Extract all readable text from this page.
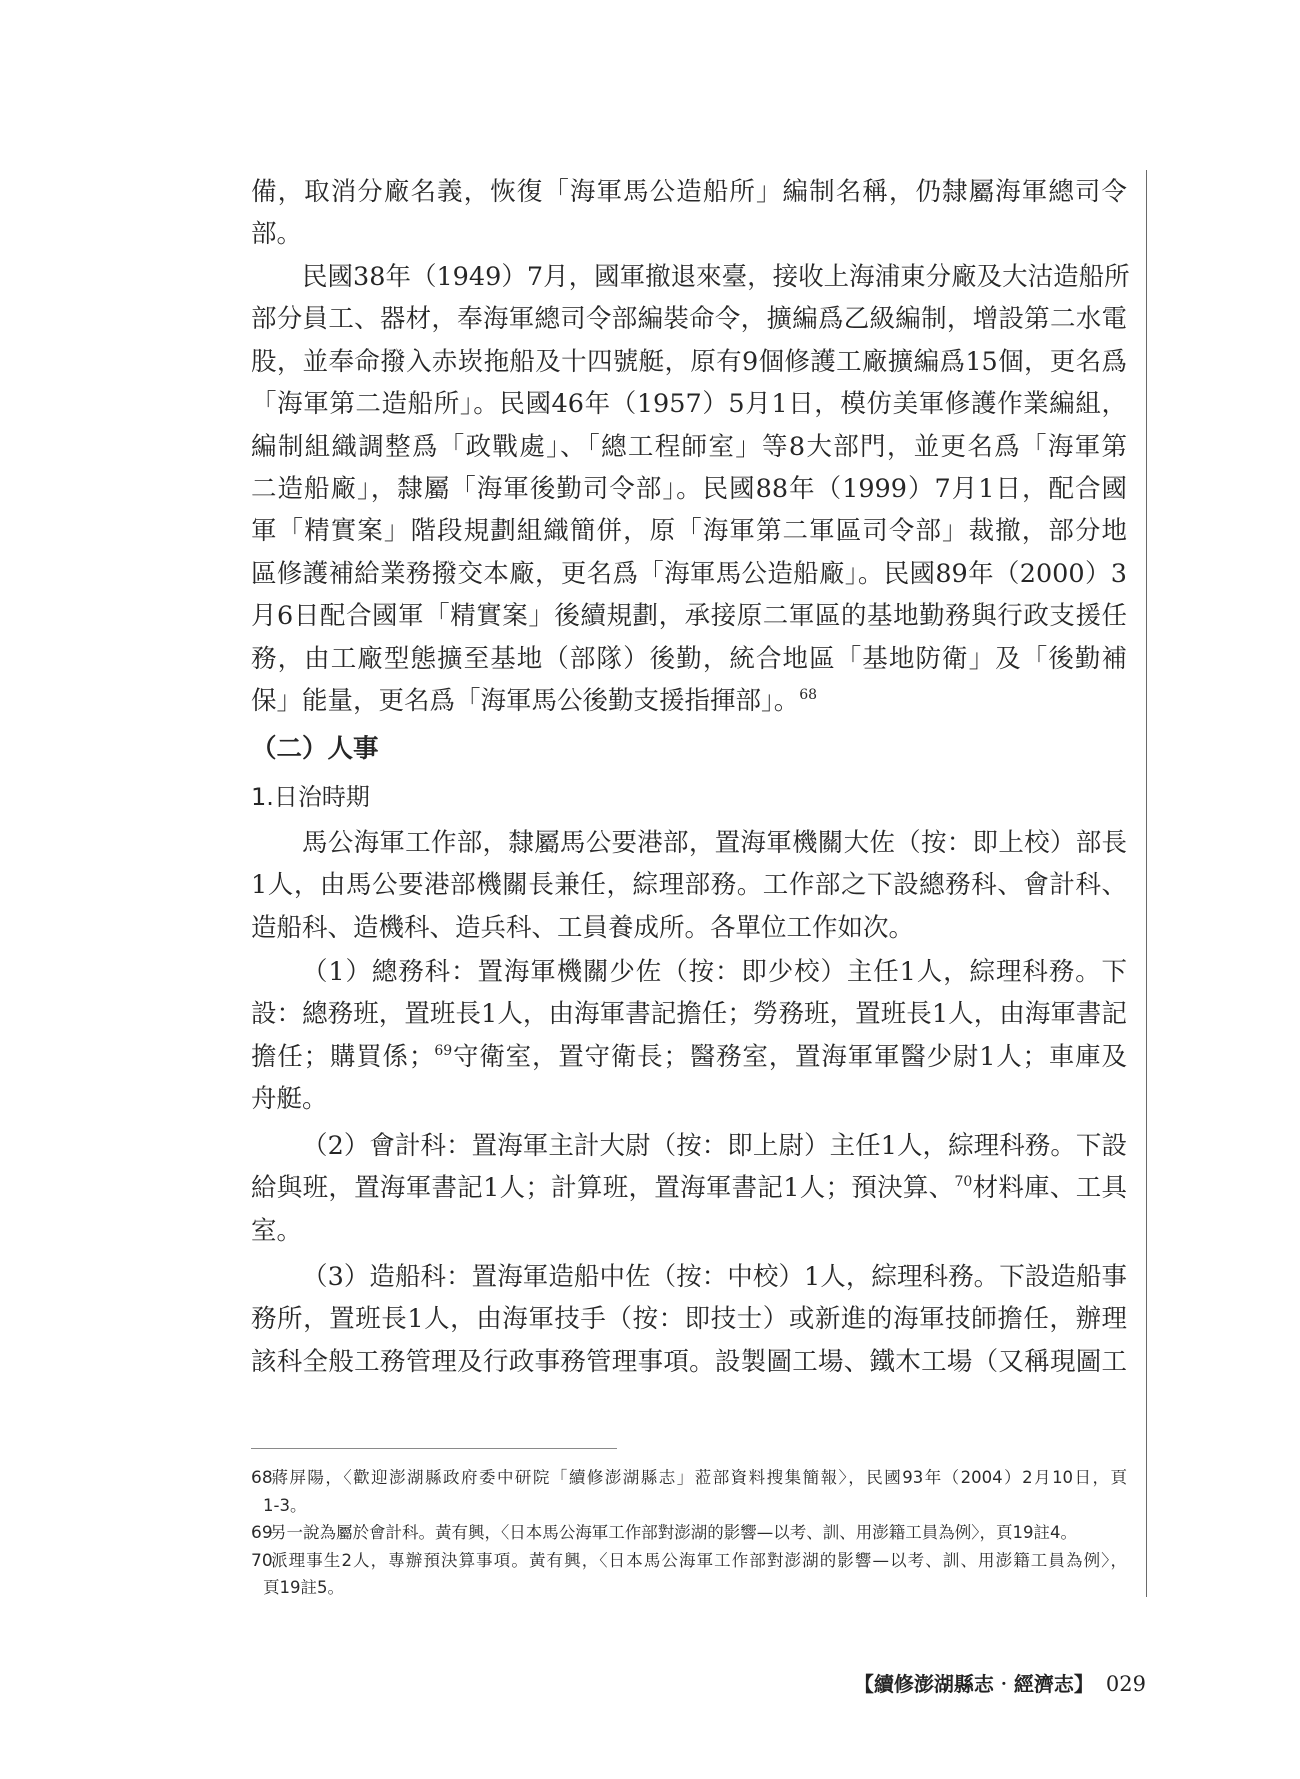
備，取消分廠名義，恢復「海軍馬公造船所」編制名稱，仍隸屬海軍總司令
部。
民國38年（1949）7月，國軍撤退來臺，接收上海浦東分廠及大沽造船所
部分員工、器材，奉海軍總司令部編裝命令，擴編爲乙級編制，增設第二水電
股，並奉命撥入赤崁拖船及十四號艇，原有9個修護工廠擴編爲15個，更名爲
「海軍第二造船所」。民國46年（1957）5月1日，模仿美軍修護作業編組，
編制組織調整爲「政戰處」、「總工程師室」等8大部門，並更名爲「海軍第
二造船廠」，隸屬「海軍後勤司令部」。民國88年（1999）7月1日，配合國
軍「精實案」階段規劃組織簡併，原「海軍第二軍區司令部」裁撤，部分地
區修護補給業務撥交本廠，更名爲「海軍馬公造船廠」。民國89年（2000）3
月6日配合國軍「精實案」後續規劃，承接原二軍區的基地勤務與行政支援任
務，由工廠型態擴至基地（部隊）後勤，統合地區「基地防衛」及「後勤補
保」能量，更名爲「海軍馬公後勤支援指揮部」。$^{68}$
（二）人事
1.日治時期
馬公海軍工作部，隸屬馬公要港部，置海軍機關大佐（按：即上校）部長
1人，由馬公要港部機關長兼任，綜理部務。工作部之下設總務科、會計科、
造船科、造機科、造兵科、工員養成所。各單位工作如次。
（1）總務科：置海軍機關少佐（按：即少校）主任1人，綜理科務。下
設：總務班，置班長1人，由海軍書記擔任；勞務班，置班長1人，由海軍書記
擔任；購買係；$^{69}$守衛室，置守衛長；醫務室，置海軍軍醫少尉1人；車庫及
舟艇。
（2）會計科：置海軍主計大尉（按：即上尉）主任1人，綜理科務。下設
給與班，置海軍書記1人；計算班，置海軍書記1人；預決算、$^{70}$材料庫、工具
室。
（3）造船科：置海軍造船中佐（按：中校）1人，綜理科務。下設造船事
務所，置班長1人，由海軍技手（按：即技士）或新進的海軍技師擔任，辦理
該科全般工務管理及行政事務管理事項。設製圖工場、鐵木工場（又稱現圖工
68蔣屏陽，〈歡迎澎湖縣政府委中研院「續修澎湖縣志」蒞部資料搜集簡報〉，民國93年（2004）2月10日，頁
1-3。
69另一說為屬於會計科。黃有興，〈日本馬公海軍工作部對澎湖的影響—以考、訓、用澎籍工員為例〉，頁19註4。
70派理事生2人，專辦預決算事項。黃有興，〈日本馬公海軍工作部對澎湖的影響—以考、訓、用澎籍工員為例〉，
頁19註5。
【續修澎湖縣志‧經濟志】 029
